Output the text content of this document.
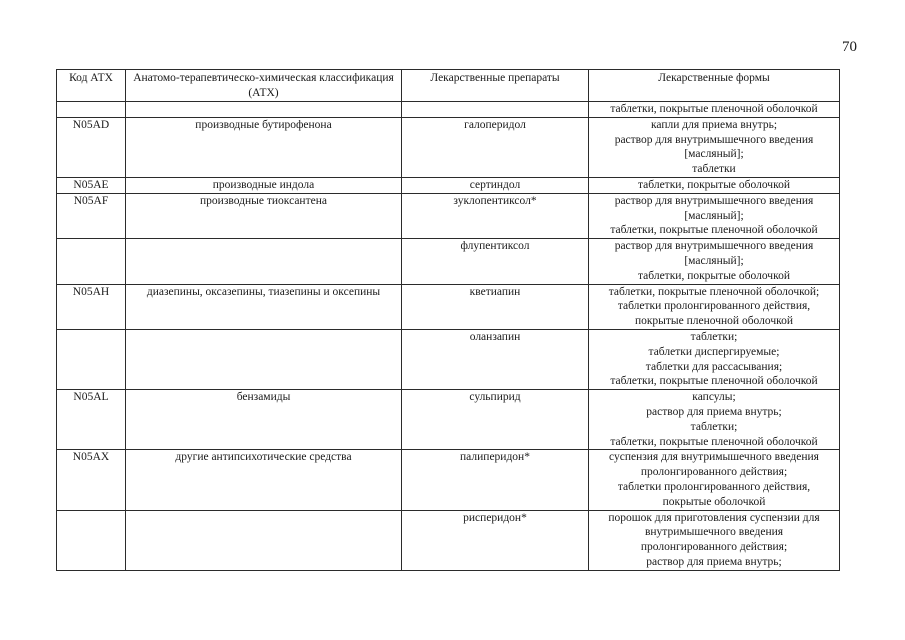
70
Код АТХ	Анатомо-терапевтическо-химическая классификация (АТХ)	Лекарственные препараты	Лекарственные формы

			таблетки, покрытые пленочной оболочкой

N05AD	производные бутирофенона	галоперидол	капли для приема внутрь;
раствор для внутримышечного введения
[масляный];
таблетки

N05AE	производные индола	сертиндол	таблетки, покрытые оболочкой

N05AF	производные тиоксантена	зуклопентиксол*	раствор для внутримышечного введения
[масляный];
таблетки, покрытые пленочной оболочкой

		флупентиксол	раствор для внутримышечного введения
[масляный];
таблетки, покрытые оболочкой

N05AH	диазепины, оксазепины, тиазепины и оксепины	кветиапин	таблетки, покрытые пленочной оболочкой;
таблетки пролонгированного действия,
покрытые пленочной оболочкой

		оланзапин	таблетки;
таблетки диспергируемые;
таблетки для рассасывания;
таблетки, покрытые пленочной оболочкой

N05AL	бензамиды	сульпирид	капсулы;
раствор для приема внутрь;
таблетки;
таблетки, покрытые пленочной оболочкой

N05AX	другие антипсихотические средства	палиперидон*	суспензия для внутримышечного введения
пролонгированного действия;
таблетки пролонгированного действия,
покрытые оболочкой

		рисперидон*	порошок для приготовления суспензии для
внутримышечного введения
пролонгированного действия;
раствор для приема внутрь;
